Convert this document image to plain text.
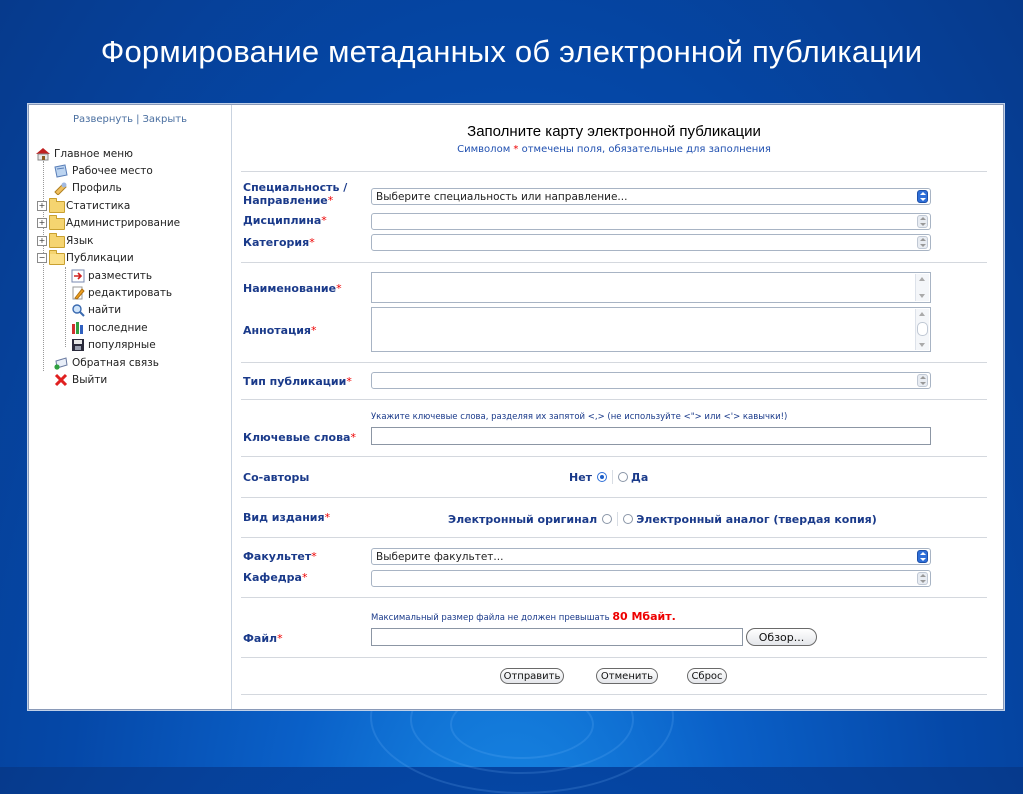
Формирование метаданных об электронной публикации
Развернуть | Закрыть
Главное меню
Рабочее место
Профиль
+ Статистика
+ Администрирование
+ Язык
− Публикации
разместить
редактировать
найти
последние
популярные
Обратная связь
Выйти
Заполните карту электронной публикации
Символом * отмечены поля, обязательные для заполнения
Специальность /
Направление*	Выберите специальность или направление...
Дисциплина*
Категория*
Наименование*
Аннотация*
Тип публикации*
Укажите ключевые слова, разделяя их запятой <,> (не используйте <"> или <'> кавычки!)
Ключевые слова*
Со-авторы	Нет	Да
Вид издания*	Электронный оригинал	Электронный аналог (твердая копия)
Факультет*	Выберите факультет...
Кафедра*
Максимальный размер файла не должен превышать 80 Мбайт.
Файл*	Обзор...
Отправить	Отменить	Сброс
